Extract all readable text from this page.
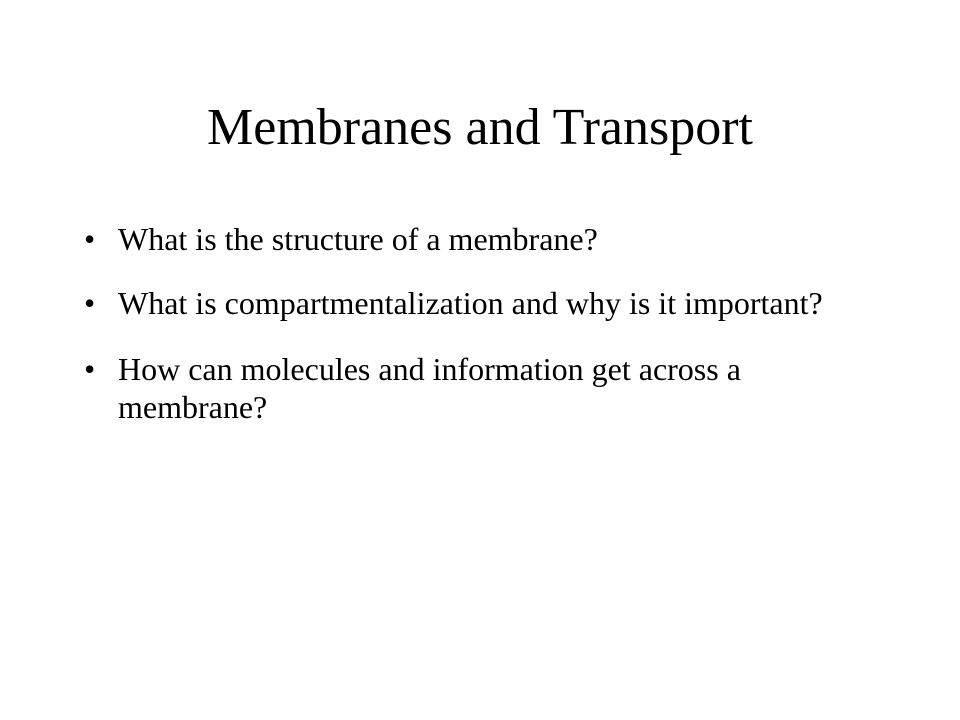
Membranes and Transport
• What is the structure of a membrane?
• What is compartmentalization and why is it important?
• How can molecules and information get across a membrane?
